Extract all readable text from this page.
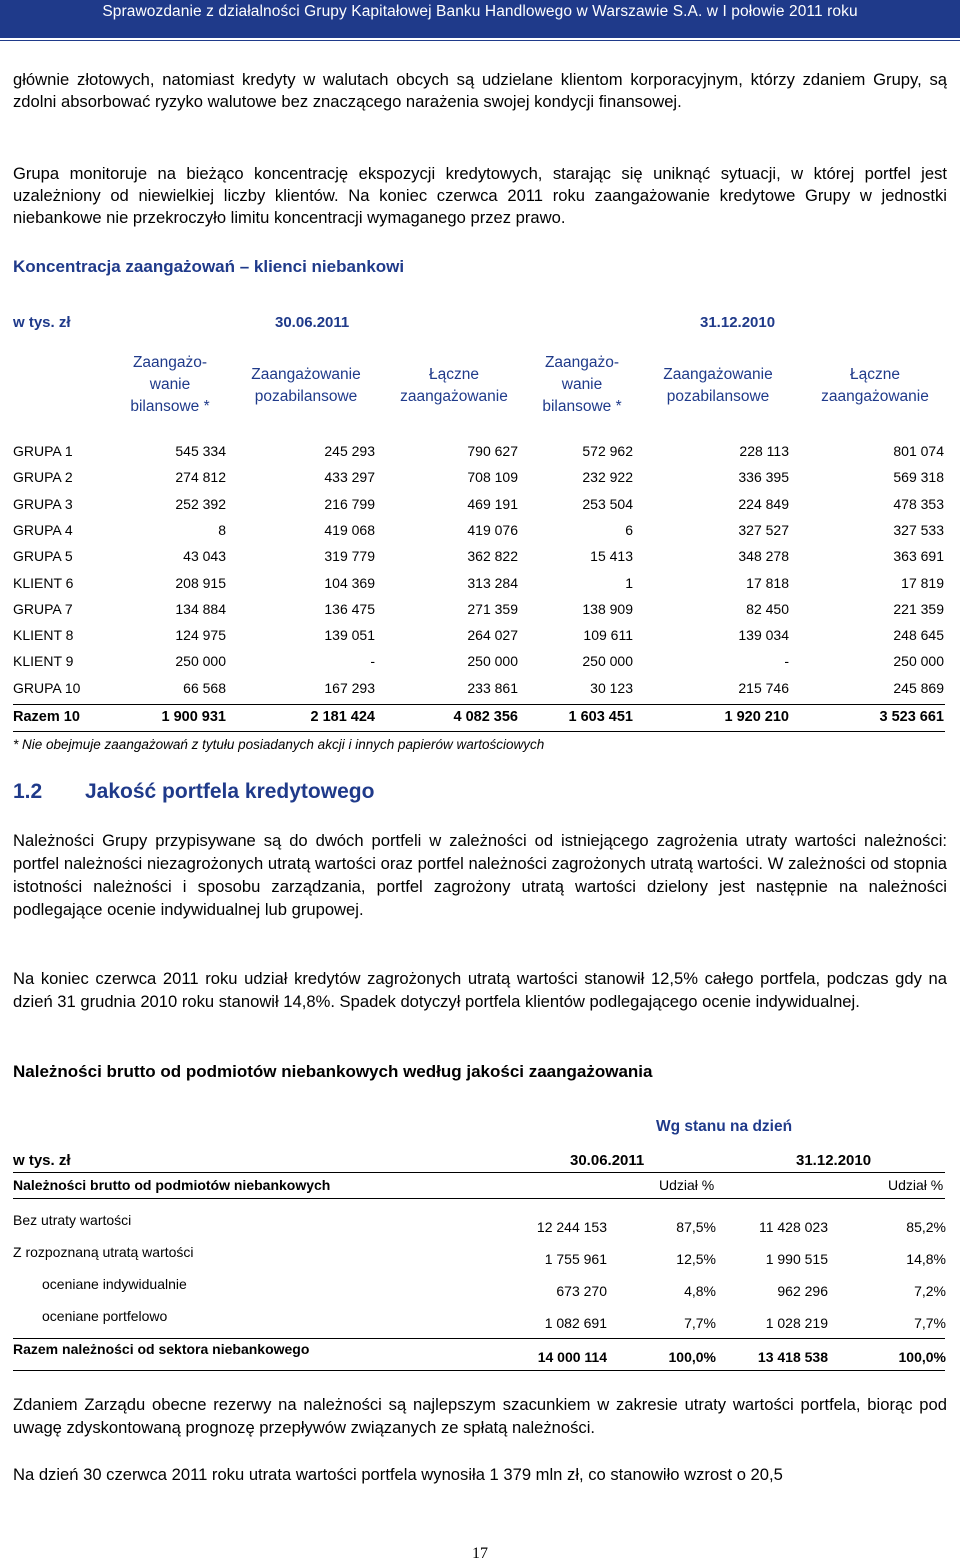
Sprawozdanie z działalności Grupy Kapitałowej Banku Handlowego w Warszawie S.A. w I połowie 2011 roku
głównie złotowych, natomiast kredyty w walutach obcych są udzielane klientom korporacyjnym, którzy zdaniem Grupy, są zdolni absorbować ryzyko walutowe bez znaczącego narażenia swojej kondycji finansowej.
Grupa monitoruje na bieżąco koncentrację ekspozycji kredytowych, starając się uniknąć sytuacji, w której portfel jest uzależniony od niewielkiej liczby klientów. Na koniec czerwca 2011 roku zaangażowanie kredytowe Grupy w jednostki niebankowe nie przekroczyło limitu koncentracji wymaganego przez prawo.
Koncentracja zaangażowań – klienci niebankowi
w tys. zł	30.06.2011	31.12.2010
Zaangażo-
wanie
bilansowe *
Zaangażowanie
pozabilansowe
Łączne
zaangażowanie
Zaangażo-
wanie
bilansowe *
Zaangażowanie
pozabilansowe
Łączne
zaangażowanie
GRUPA 1	545 334	245 293	790 627	572 962	228 113	801 074
GRUPA 2	274 812	433 297	708 109	232 922	336 395	569 318
GRUPA 3	252 392	216 799	469 191	253 504	224 849	478 353
GRUPA 4	8	419 068	419 076	6	327 527	327 533
GRUPA 5	43 043	319 779	362 822	15 413	348 278	363 691
KLIENT 6	208 915	104 369	313 284	1	17 818	17 819
GRUPA 7	134 884	136 475	271 359	138 909	82 450	221 359
KLIENT 8	124 975	139 051	264 027	109 611	139 034	248 645
KLIENT 9	250 000	-	250 000	250 000	-	250 000
GRUPA 10	66 568	167 293	233 861	30 123	215 746	245 869
Razem 10	1 900 931	2 181 424	4 082 356	1 603 451	1 920 210	3 523 661
* Nie obejmuje zaangażowań z tytułu posiadanych akcji i innych papierów wartościowych
1.2 Jakość portfela kredytowego
Należności Grupy przypisywane są do dwóch portfeli w zależności od istniejącego zagrożenia utraty wartości należności: portfel należności niezagrożonych utratą wartości oraz portfel należności zagrożonych utratą wartości. W zależności od stopnia istotności należności i sposobu zarządzania, portfel zagrożony utratą wartości dzielony jest następnie na należności podlegające ocenie indywidualnej lub grupowej.
Na koniec czerwca 2011 roku udział kredytów zagrożonych utratą wartości stanowił 12,5% całego portfela, podczas gdy na dzień 31 grudnia 2010 roku stanowił 14,8%. Spadek dotyczył portfela klientów podlegającego ocenie indywidualnej.
Należności brutto od podmiotów niebankowych według jakości zaangażowania
Wg stanu na dzień
w tys. zł	30.06.2011	31.12.2010
Należności brutto od podmiotów niebankowych	Udział %	Udział %
Bez utraty wartości	12 244 153	87,5%	11 428 023	85,2%
Z rozpoznaną utratą wartości	1 755 961	12,5%	1 990 515	14,8%
oceniane indywidualnie	673 270	4,8%	962 296	7,2%
oceniane portfelowo	1 082 691	7,7%	1 028 219	7,7%
Razem należności od sektora niebankowego	14 000 114	100,0%	13 418 538	100,0%
Zdaniem Zarządu obecne rezerwy na należności są najlepszym szacunkiem w zakresie utraty wartości portfela, biorąc pod uwagę zdyskontowaną prognozę przepływów związanych ze spłatą należności.
Na dzień 30 czerwca 2011 roku utrata wartości portfela wynosiła 1 379 mln zł, co stanowiło wzrost o 20,5
17
